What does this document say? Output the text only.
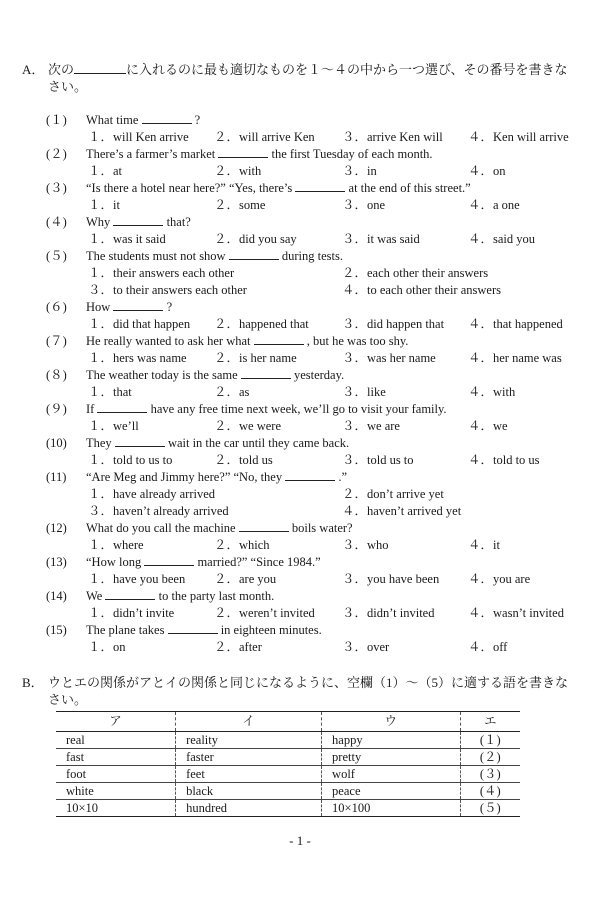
A． 次の	に入れるのに最も適切なものを１～４の中から一つ選び、その番号を書きな
さい。
(１) What time	?
１．will Ken arrive ２．will arrive Ken ３．arrive Ken will ４．Ken will arrive
(２) There’s a farmer’s market	the first Tuesday of each month.
１．at	２．with	３．in	４．on
(３) “Is there a hotel near here?” “Yes, there’s	at the end of this street.”
１．it	２．some	３．one	４．a one
(４) Why	that?
１．was it said	２．did you say	３．it was said	４．said you
(５) The students must not show	during tests.
１．their answers each other	２．each other their answers
３．to their answers each other	４．to each other their answers
(６) How	?
１．did that happen ２．happened that	３．did happen that ４．that happened
(７) He really wanted to ask her what	, but he was too shy.
１．hers was name ２．is her name	３．was her name	４．her name was
(８) The weather today is the same	yesterday.
１．that	２．as	３．like	４．with
(９) If	have any free time next week, we’ll go to visit your family.
１．we’ll	２．we were	３．we are	４．we
(10) They	wait in the car until they came back.
１．told to us to	２．told us	３．told us to	４．told to us
(11) “Are Meg and Jimmy here?” “No, they	.”
１．have already arrived	２．don’t arrive yet
３．haven’t already arrived	４．haven’t arrived yet
(12) What do you call the machine	boils water?
１．where	２．which	３．who	４．it
(13) “How long	married?” “Since 1984.”
１．have you been ２．are you	３．you have been ４．you are
(14) We	to the party last month.
１．didn’t invite	２．weren’t invited ３．didn’t invited	４．wasn’t invited
(15) The plane takes	in eighteen minutes.
１．on	２．after	３．over	４．off
B． ウとエの関係がアとイの関係と同じになるように、空欄（1）～（5）に適する語を書きな
さい。
ア	イ	ウ	エ
real	reality	happy	(１)
fast	faster	pretty	(２)
foot	feet	wolf	(３)
white	black	peace	(４)
10×10	hundred	10×100	(５)
- 1 -
